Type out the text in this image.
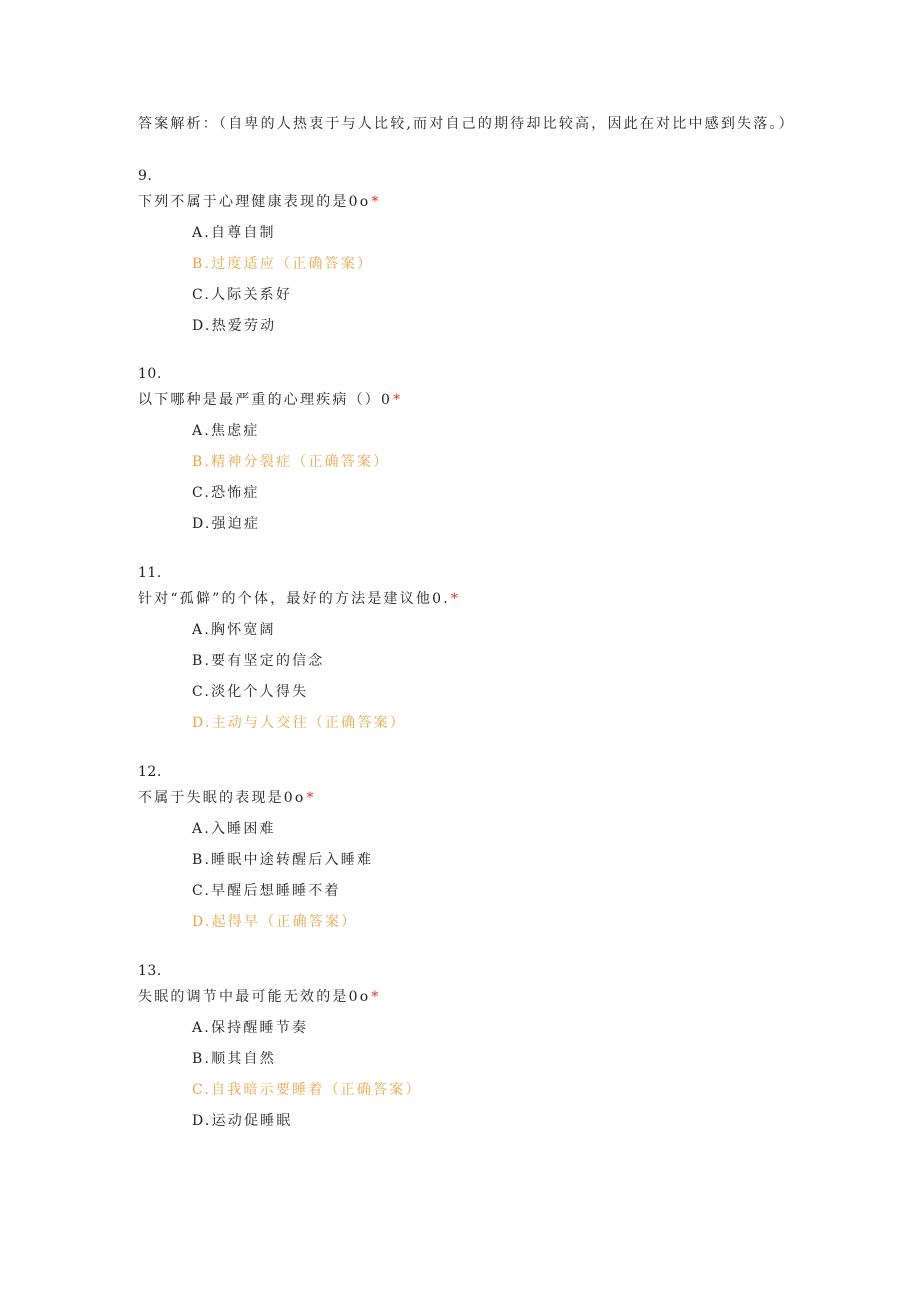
答案解析：（自卑的人热衷于与人比较,而对自己的期待却比较高，因此在对比中感到失落。）
9.
下列不属于心理健康表现的是0o*
A.自尊自制
B.过度适应（正确答案）
C.人际关系好
D.热爱劳动
10.
以下哪种是最严重的心理疾病（）0*
A.焦虑症
B.精神分裂症（正确答案）
C.恐怖症
D.强迫症
11.
针对“孤僻”的个体，最好的方法是建议他0.*
A.胸怀宽阔
B.要有坚定的信念
C.淡化个人得失
D.主动与人交往（正确答案）
12.
不属于失眠的表现是0o*
A.入睡困难
B.睡眠中途转醒后入睡难
C.早醒后想睡睡不着
D.起得早（正确答案）
13.
失眠的调节中最可能无效的是0o*
A.保持醒睡节奏
B.顺其自然
C.自我暗示要睡着（正确答案）
D.运动促睡眠
